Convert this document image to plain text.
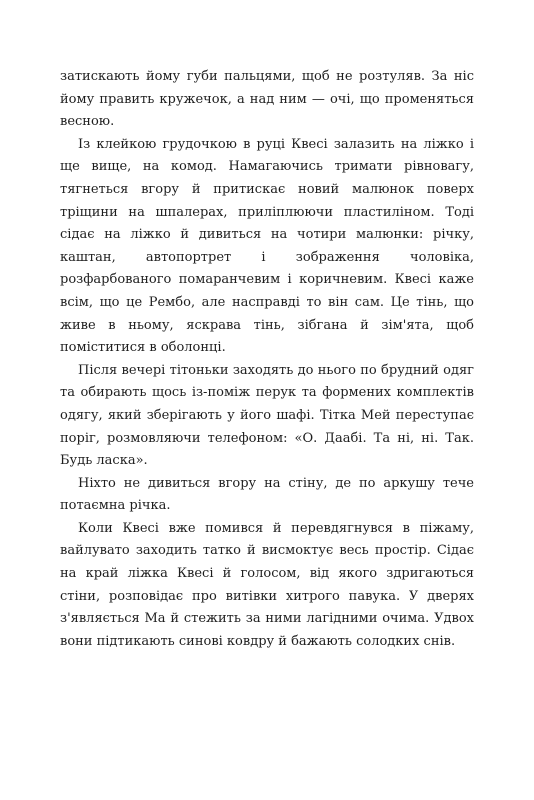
затискають йому губи пальцями, щоб не розтуляв. За ніс йому править кружечок, а над ним — очі, що променяться весною.

Із клейкою грудочкою в руці Квесі залазить на ліжко і ще вище, на комод. Намагаючись тримати рівновагу, тягнеться вгору й притискає новий малюнок поверх тріщини на шпалерах, приліплюючи пластиліном. Тоді сідає на ліжко й дивиться на чотири малюнки: річку, каштан, автопортрет і зображення чоловіка, розфарбованого помаранчевим і коричневим. Квесі каже всім, що це Рембо, але насправді то він сам. Це тінь, що живе в ньому, яскрава тінь, зібгана й зім'ята, щоб поміститися в оболонці.

Після вечері тітоньки заходять до нього по брудний одяг та обирають щось із-поміж перук та формених комплектів одягу, який зберігають у його шафі. Тітка Мей переступає поріг, розмовляючи телефоном: «О. Даабі. Та ні, ні. Так. Будь ласка».

Ніхто не дивиться вгору на стіну, де по аркушу тече потаємна річка.

Коли Квесі вже помився й перевдягнувся в піжаму, вайлувато заходить татко й висмоктує весь простір. Сідає на край ліжка Квесі й голосом, від якого здригаються стіни, розповідає про витівки хитрого павука. У дверях з'являється Ма й стежить за ними лагідними очима. Удвох вони підтикають синові ковдру й бажають солодких снів.
